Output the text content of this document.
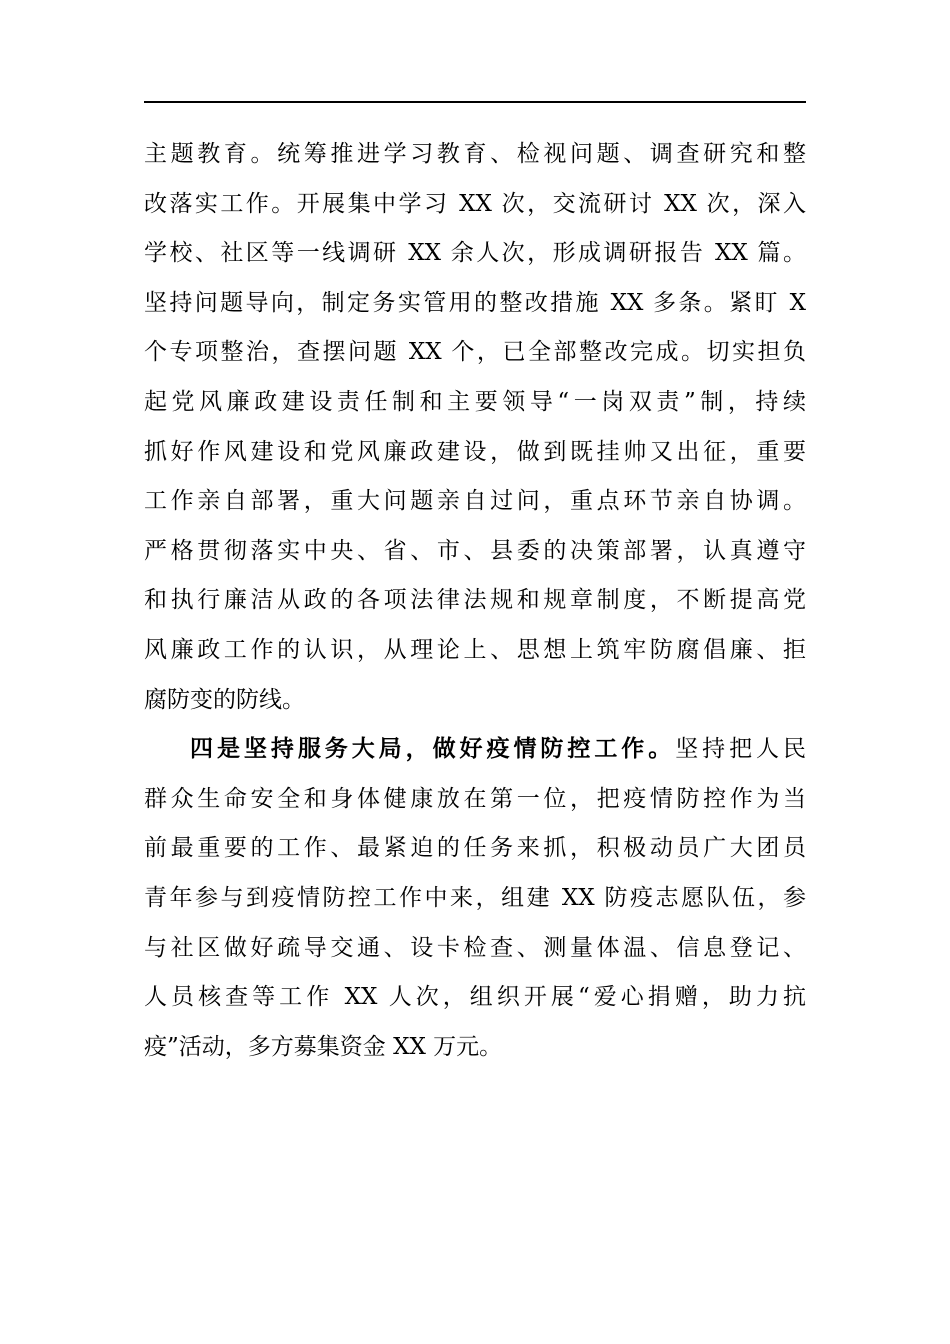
主题教育。统筹推进学习教育、检视问题、调查研究和整
改落实工作。开展集中学习 XX 次，交流研讨 XX 次，深入
学校、社区等一线调研 XX 余人次，形成调研报告 XX 篇。
坚持问题导向，制定务实管用的整改措施 XX 多条。紧盯 X
个专项整治，查摆问题 XX 个，已全部整改完成。切实担负
起党风廉政建设责任制和主要领导“一岗双责”制，持续
抓好作风建设和党风廉政建设，做到既挂帅又出征，重要
工作亲自部署，重大问题亲自过问，重点环节亲自协调。
严格贯彻落实中央、省、市、县委的决策部署，认真遵守
和执行廉洁从政的各项法律法规和规章制度，不断提高党
风廉政工作的认识，从理论上、思想上筑牢防腐倡廉、拒
腐防变的防线。
四是坚持服务大局，做好疫情防控工作。坚持把人民
群众生命安全和身体健康放在第一位，把疫情防控作为当
前最重要的工作、最紧迫的任务来抓，积极动员广大团员
青年参与到疫情防控工作中来，组建 XX 防疫志愿队伍，参
与社区做好疏导交通、设卡检查、测量体温、信息登记、
人员核查等工作 XX 人次，组织开展“爱心捐赠，助力抗
疫”活动，多方募集资金 XX 万元。
